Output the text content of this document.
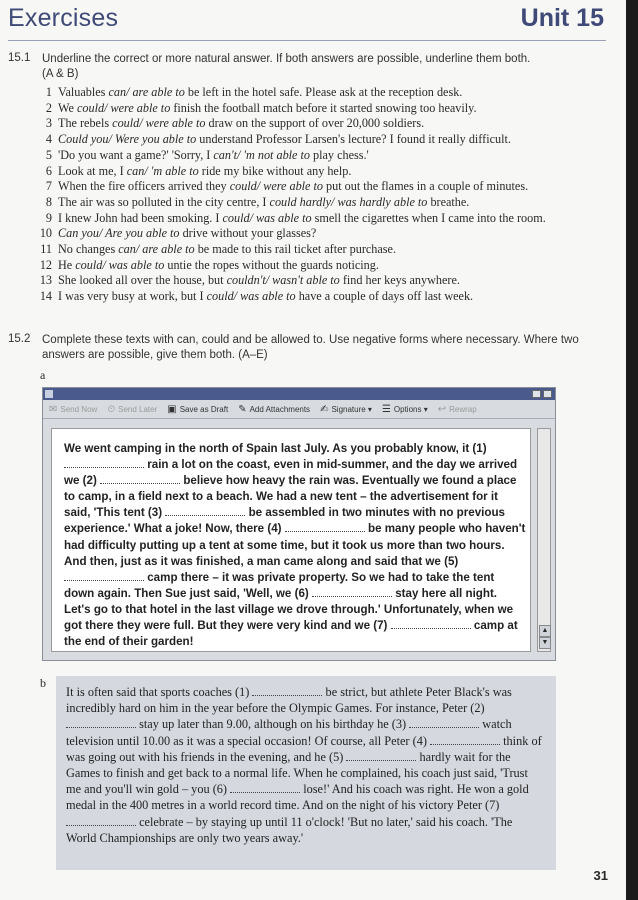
Exercises	Unit 15
15.1 Underline the correct or more natural answer. If both answers are possible, underline them both.
(A & B)
1 Valuables can/ are able to be left in the hotel safe. Please ask at the reception desk.
2 We could/ were able to finish the football match before it started snowing too heavily.
3 The rebels could/ were able to draw on the support of over 20,000 soldiers.
4 Could you/ Were you able to understand Professor Larsen's lecture? I found it really difficult.
5 'Do you want a game?' 'Sorry, I can't/ 'm not able to play chess.'
6 Look at me, I can/ 'm able to ride my bike without any help.
7 When the fire officers arrived they could/ were able to put out the flames in a couple of minutes.
8 The air was so polluted in the city centre, I could hardly/ was hardly able to breathe.
9 I knew John had been smoking. I could/ was able to smell the cigarettes when I came into the room.
10 Can you/ Are you able to drive without your glasses?
11 No changes can/ are able to be made to this rail ticket after purchase.
12 He could/ was able to untie the ropes without the guards noticing.
13 She looked all over the house, but couldn't/ wasn't able to find her keys anywhere.
14 I was very busy at work, but I could/ was able to have a couple of days off last week.
15.2 Complete these texts with can, could and be allowed to. Use negative forms where necessary. Where two answers are possible, give them both. (A–E)
a
✉ Send Now ⏲ Send Later ▣ Save as Draft ✎ Add Attachments ✍ Signature ▾ ☰ Options ▾ ↩ Rewrap
We went camping in the north of Spain last July. As you probably know, it (1)  rain a lot on the coast, even in mid-summer, and the day we arrived we (2)	believe how heavy the rain was. Eventually we found a place to camp, in a field next to a beach. We had a new tent – the advertisement for it said, 'This tent (3)	be assembled in two minutes with no previous experience.' What a joke! Now, there (4)	be many people who haven't had difficulty putting up a tent at some time, but it took us more than two hours. And then, just as it was finished, a man came along and said that we (5)  camp there – it was private property. So we had to take the tent down again. Then Sue just said, 'Well, we (6)	stay here all night. Let's go to that hotel in the last village we drove through.' Unfortunately, when we got there they were full. But they were very kind and we (7)	camp at the end of their garden!
▲
▼
b
It is often said that sports coaches (1)	be strict, but athlete Peter Black's was incredibly hard on him in the year before the Olympic Games. For instance, Peter (2)  stay up later than 9.00, although on his birthday he (3)	watch television until 10.00 as it was a special occasion! Of course, all Peter (4)	think of was going out with his friends in the evening, and he (5)	hardly wait for the Games to finish and get back to a normal life. When he complained, his coach just said, 'Trust me and you'll win gold – you (6)	lose!' And his coach was right. He won a gold medal in the 400 metres in a world record time. And on the night of his victory Peter (7)  celebrate – by staying up until 11 o'clock! 'But no later,' said his coach. 'The World Championships are only two years away.'
31
